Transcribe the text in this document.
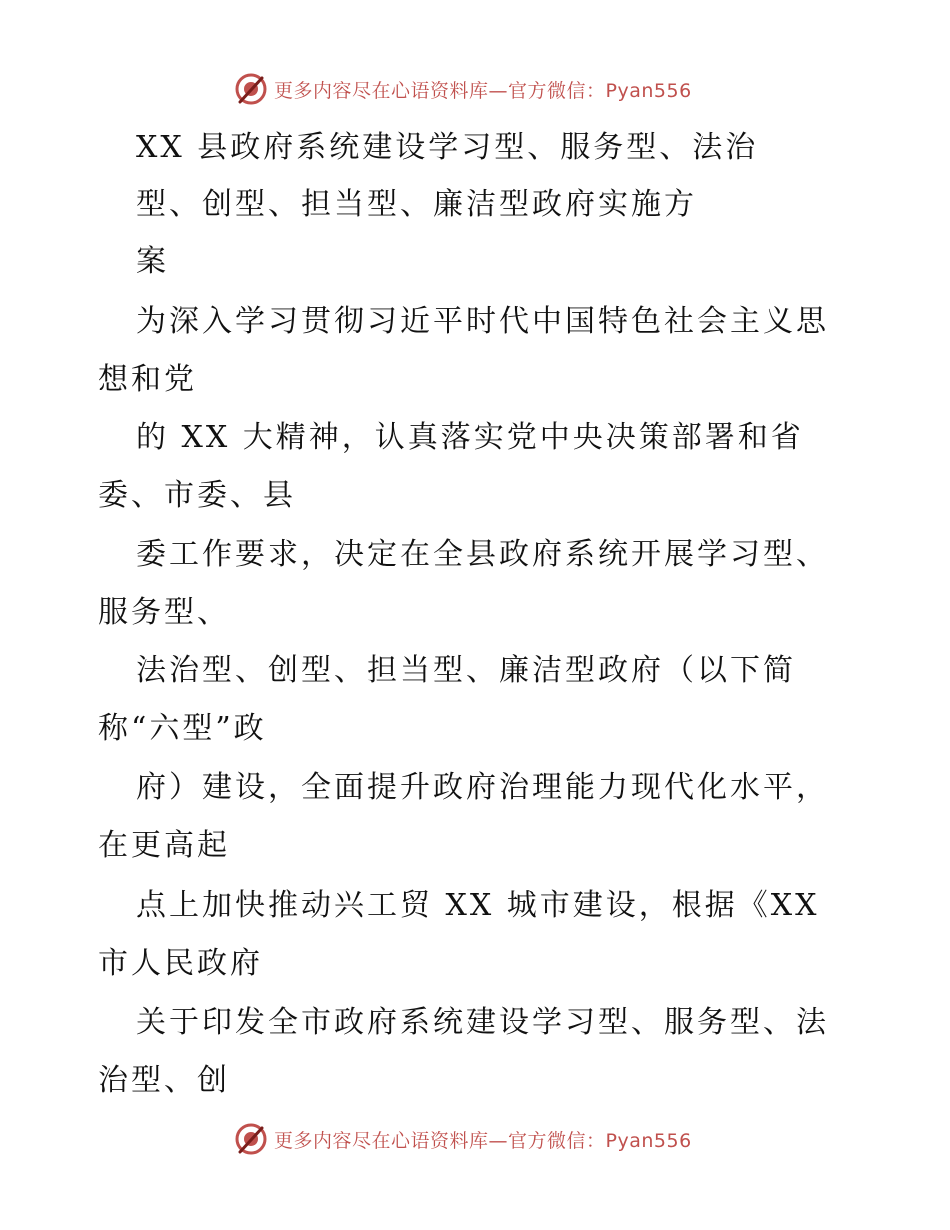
更多内容尽在心语资料库—官方微信：Pyan556
XX 县政府系统建设学习型、服务型、法治
型、创型、担当型、廉洁型政府实施方
案
为深入学习贯彻习近平时代中国特色社会主义思
想和党
的 XX 大精神，认真落实党中央决策部署和省
委、市委、县
委工作要求，决定在全县政府系统开展学习型、
服务型、
法治型、创型、担当型、廉洁型政府（以下简
称“六型”政
府）建设，全面提升政府治理能力现代化水平，
在更高起
点上加快推动兴工贸 XX 城市建设，根据《XX
市人民政府
关于印发全市政府系统建设学习型、服务型、法
治型、创
更多内容尽在心语资料库—官方微信：Pyan556
